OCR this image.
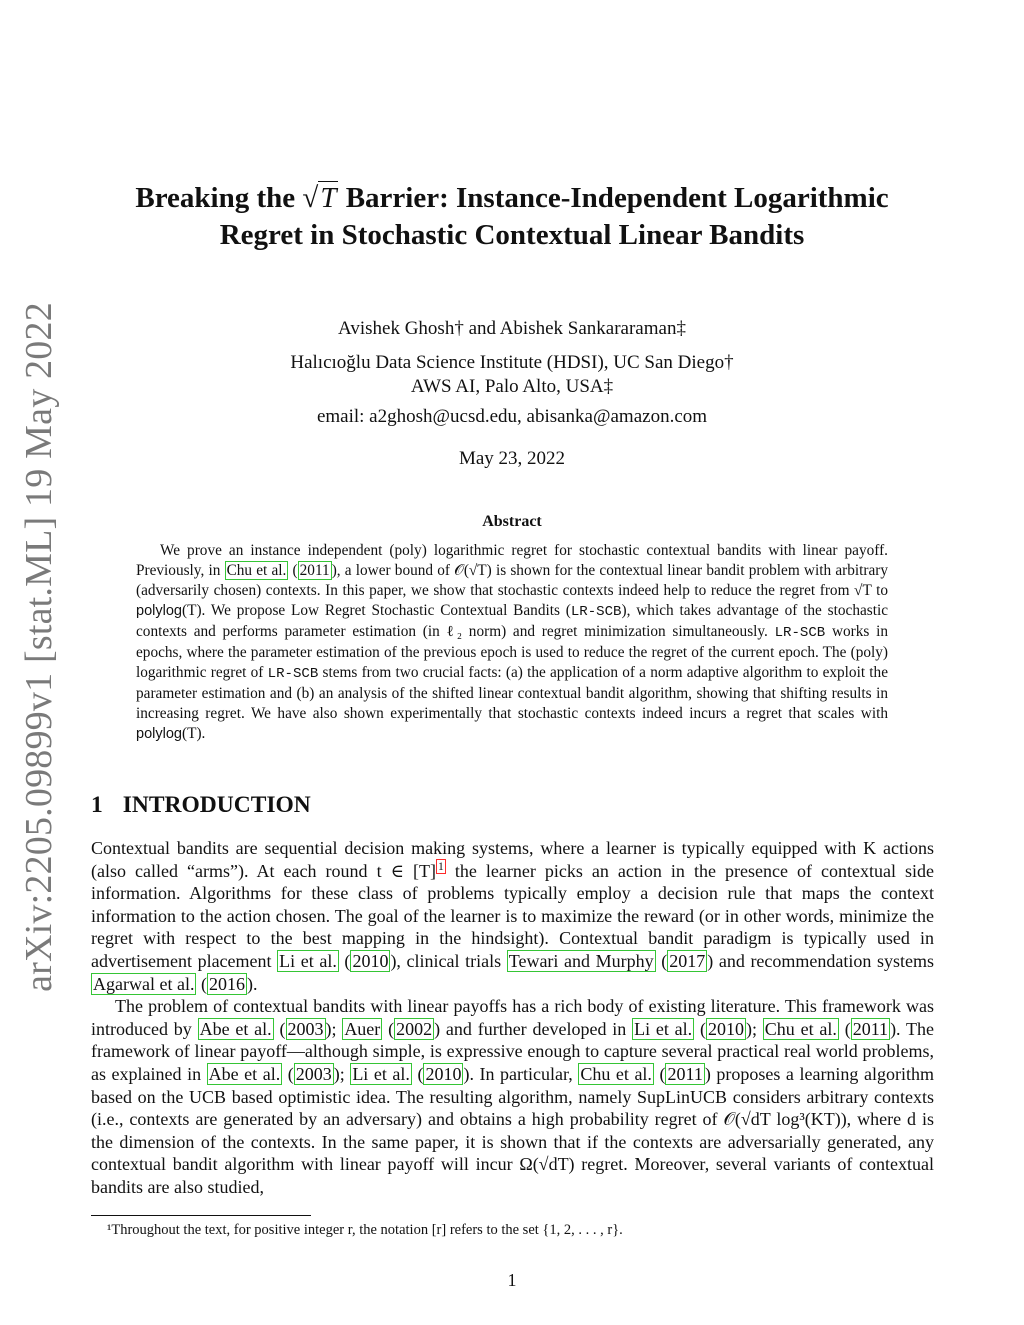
arXiv:2205.09899v1 [stat.ML] 19 May 2022
Breaking the √T Barrier: Instance-Independent Logarithmic Regret in Stochastic Contextual Linear Bandits
Avishek Ghosh† and Abishek Sankararaman‡
Halıcıoğlu Data Science Institute (HDSI), UC San Diego†
AWS AI, Palo Alto, USA‡
email: a2ghosh@ucsd.edu, abisanka@amazon.com
May 23, 2022
Abstract

We prove an instance independent (poly) logarithmic regret for stochastic contextual bandits with linear payoff. Previously, in Chu et al. ( 2011 ), a lower bound of 𝒪(√T) is shown for the contextual linear bandit problem with arbitrary (adversarily chosen) contexts. In this paper, we show that stochastic contexts indeed help to reduce the regret from √T to polylog(T). We propose Low Regret Stochastic Contextual Bandits (LR-SCB), which takes advantage of the stochastic contexts and performs parameter estimation (in ℓ₂ norm) and regret minimization simultaneously. LR-SCB works in epochs, where the parameter estimation of the previous epoch is used to reduce the regret of the current epoch. The (poly) logarithmic regret of LR-SCB stems from two crucial facts: (a) the application of a norm adaptive algorithm to exploit the parameter estimation and (b) an analysis of the shifted linear contextual bandit algorithm, showing that shifting results in increasing regret. We have also shown experimentally that stochastic contexts indeed incurs a regret that scales with polylog(T).

1 INTRODUCTION

Contextual bandits are sequential decision making systems, where a learner is typically equipped with K actions (also called “arms”). At each round t ∈ [T] $^1$ the learner picks an action in the presence of contextual side information. Algorithms for these class of problems typically employ a decision rule that maps the context information to the action chosen. The goal of the learner is to maximize the reward (or in other words, minimize the regret with respect to the best mapping in the hindsight). Contextual bandit paradigm is typically used in advertisement placement Li et al. ( 2010 ), clinical trials Tewari and Murphy ( 2017 ) and recommendation systems Agarwal et al. ( 2016 ).

The problem of contextual bandits with linear payoffs has a rich body of existing literature. This framework was introduced by Abe et al. ( 2003 ); Auer ( 2002 ) and further developed in Li et al. ( 2010 ); Chu et al. ( 2011 ). The framework of linear payoff—although simple, is expressive enough to capture several practical real world problems, as explained in Abe et al. ( 2003 ); Li et al. ( 2010 ). In particular, Chu et al. ( 2011 ) proposes a learning algorithm based on the UCB based optimistic idea. The resulting algorithm, namely SupLinUCB considers arbitrary contexts (i.e., contexts are generated by an adversary) and obtains a high probability regret of 𝒪(√dT log³(KT)), where d is the dimension of the contexts. In the same paper, it is shown that if the contexts are adversarially generated, any contextual bandit algorithm with linear payoff will incur Ω(√dT) regret. Moreover, several variants of contextual bandits are also studied,

¹Throughout the text, for positive integer r, the notation [r] refers to the set {1, 2, . . . , r}.
1
